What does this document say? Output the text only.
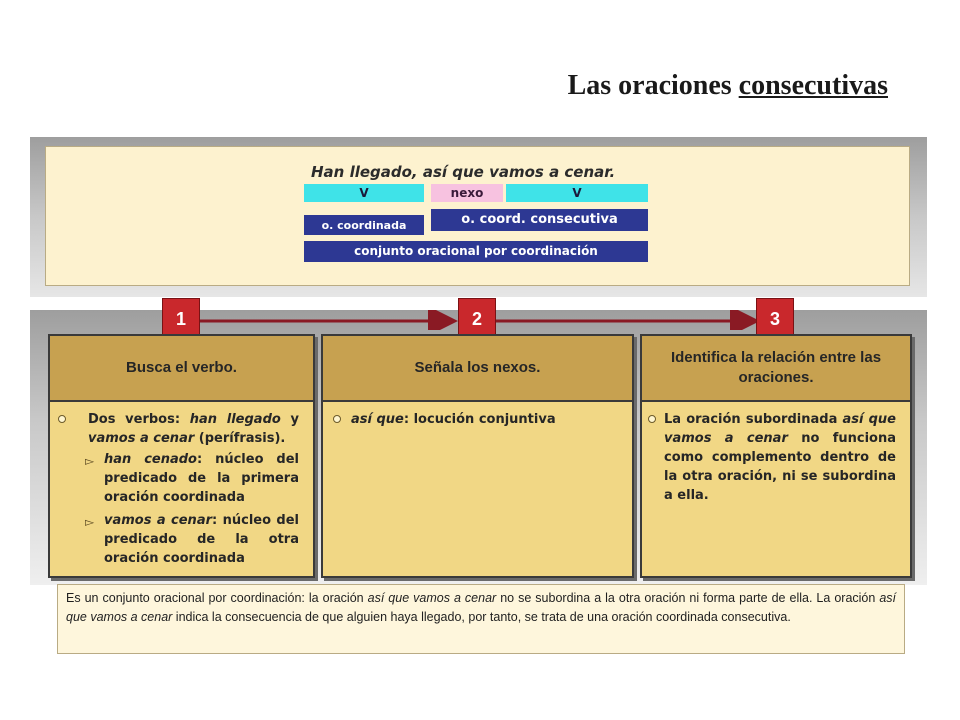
Las oraciones consecutivas
Han llegado, así que vamos a cenar.
V	nexo	V
o. coordinada	o. coord. consecutiva
conjunto oracional por coordinación
1	2	3
Busca el verbo.
Dos verbos: han llegado y vamos a cenar (perífrasis).
▻ han cenado: núcleo del predicado de la primera oración coordinada
▻ vamos a cenar: núcleo del predicado de la otra oración coordinada
Señala los nexos.
así que: locución conjuntiva
Identifica la relación entre las oraciones.
La oración subordinada así que vamos a cenar no funciona como complemento dentro de la otra oración, ni se subordina a ella.
Es un conjunto oracional por coordinación: la oración así que vamos a cenar no se subordina a la otra oración ni forma parte de ella. La oración así que vamos a cenar indica la consecuencia de que alguien haya llegado, por tanto, se trata de una oración coordinada consecutiva.
